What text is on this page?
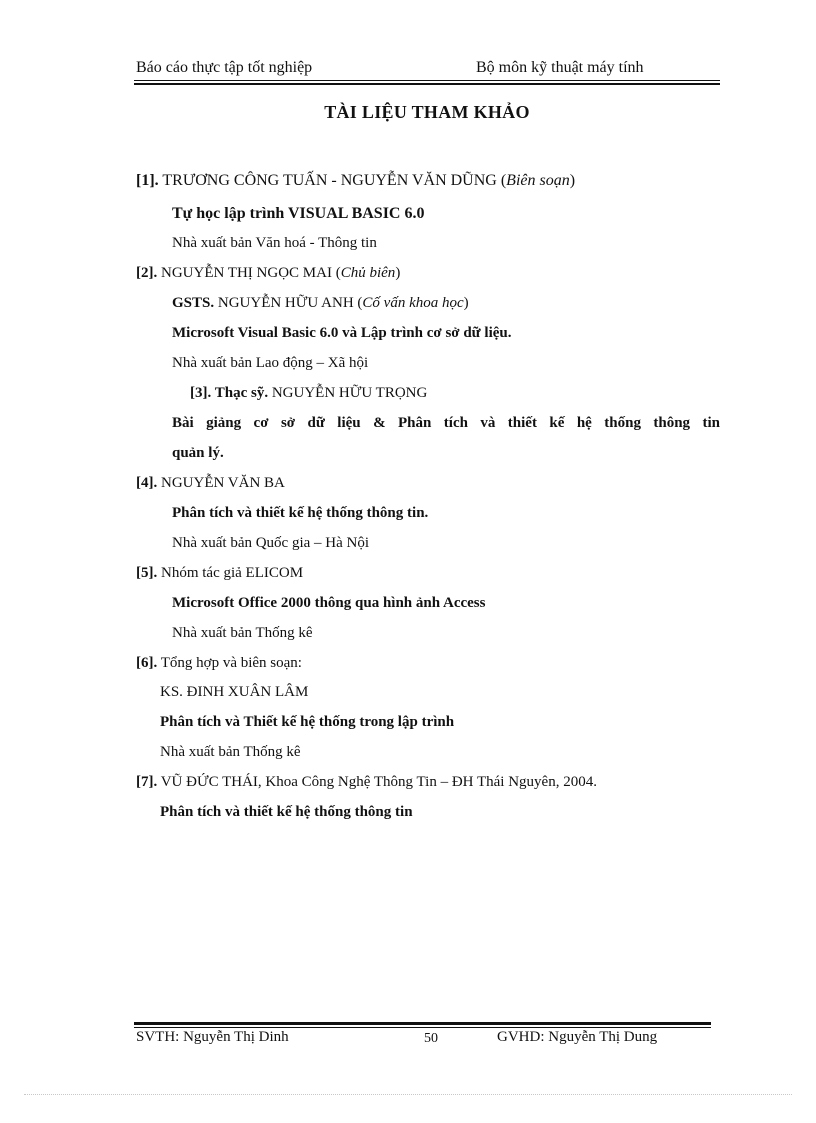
Báo cáo thực tập tốt nghiệp	Bộ môn kỹ thuật máy tính
TÀI LIỆU THAM KHẢO
[1]. TRƯƠNG CÔNG TUẤN - NGUYỄN VĂN DŨNG (Biên soạn)
Tự học lập trình VISUAL BASIC 6.0
Nhà xuất bản Văn hoá - Thông tin
[2]. NGUYỄN THỊ NGỌC MAI (Chủ biên)
GSTS. NGUYỄN HỮU ANH (Cố vấn khoa học)
Microsoft Visual Basic 6.0 và Lập trình cơ sở dữ liệu.
Nhà xuất bản Lao động – Xã hội
[3]. Thạc sỹ. NGUYỄN HỮU TRỌNG
Bài giảng cơ sở dữ liệu & Phân tích và thiết kế hệ thống thông tin
quản lý.
[4]. NGUYỄN VĂN BA
Phân tích và thiết kế hệ thống thông tin.
Nhà xuất bản Quốc gia – Hà Nội
[5]. Nhóm tác giả ELICOM
Microsoft Office 2000 thông qua hình ảnh Access
Nhà xuất bản Thống kê
[6]. Tổng hợp và biên soạn:
KS. ĐINH XUÂN LÂM
Phân tích và Thiết kế hệ thống trong lập trình
Nhà xuất bản Thống kê
[7]. VŨ ĐỨC THÁI, Khoa Công Nghệ Thông Tin – ĐH Thái Nguyên, 2004.
Phân tích và thiết kế hệ thống thông tin
SVTH: Nguyễn Thị Dinh	50	GVHD: Nguyễn Thị Dung
